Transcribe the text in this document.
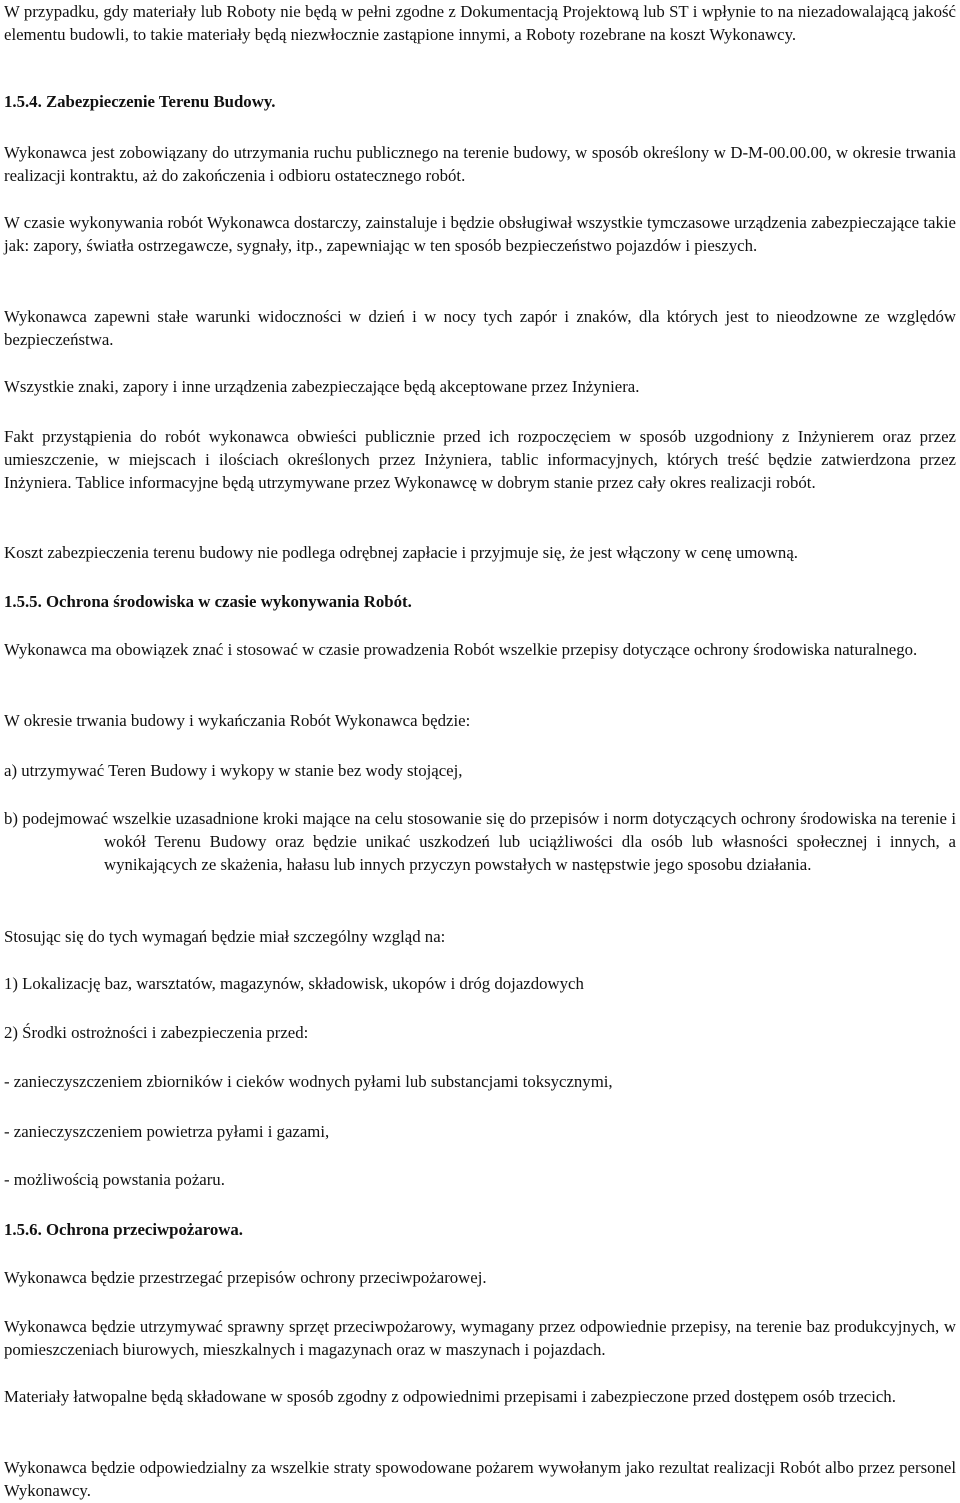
W przypadku, gdy materiały lub Roboty nie będą w pełni zgodne z Dokumentacją Projektową lub ST i wpłynie to na niezadowalającą jakość elementu budowli, to takie materiały będą niezwłocznie zastąpione innymi, a Roboty rozebrane na koszt Wykonawcy.

1.5.4. Zabezpieczenie Terenu Budowy.

Wykonawca jest zobowiązany do utrzymania ruchu publicznego na terenie budowy, w sposób określony w D-M-00.00.00, w okresie trwania realizacji kontraktu, aż do zakończenia i odbioru ostatecznego robót.

W czasie wykonywania robót Wykonawca dostarczy, zainstaluje i będzie obsługiwał wszystkie tymczasowe urządzenia zabezpieczające takie jak: zapory, światła ostrzegawcze, sygnały, itp., zapewniając w ten sposób bezpieczeństwo pojazdów i pieszych.

Wykonawca zapewni stałe warunki widoczności w dzień i w nocy tych zapór i znaków, dla których jest to nieodzowne ze względów bezpieczeństwa.

Wszystkie znaki, zapory i inne urządzenia zabezpieczające będą akceptowane przez Inżyniera.

Fakt przystąpienia do robót wykonawca obwieści publicznie przed ich rozpoczęciem w sposób uzgodniony z Inżynierem oraz przez umieszczenie, w miejscach i ilościach określonych przez Inżyniera, tablic informacyjnych, których treść będzie zatwierdzona przez Inżyniera. Tablice informacyjne będą utrzymywane przez Wykonawcę w dobrym stanie przez cały okres realizacji robót.

Koszt zabezpieczenia terenu budowy nie podlega odrębnej zapłacie i przyjmuje się, że jest włączony w cenę umowną.

1.5.5. Ochrona środowiska w czasie wykonywania Robót.

Wykonawca ma obowiązek znać i stosować w czasie prowadzenia Robót wszelkie przepisy dotyczące ochrony środowiska naturalnego.

W okresie trwania budowy i wykańczania Robót Wykonawca będzie:

a) utrzymywać Teren Budowy i wykopy w stanie bez wody stojącej,

b) podejmować wszelkie uzasadnione kroki mające na celu stosowanie się do przepisów i norm dotyczących ochrony środowiska na terenie i wokół Terenu Budowy oraz będzie unikać uszkodzeń lub uciążliwości dla osób lub własności społecznej i innych, a wynikających ze skażenia, hałasu lub innych przyczyn powstałych w następstwie jego sposobu działania.

Stosując się do tych wymagań będzie miał szczególny wzgląd na:

1) Lokalizację baz, warsztatów, magazynów, składowisk, ukopów i dróg dojazdowych

2) Środki ostrożności i zabezpieczenia przed:

- zanieczyszczeniem zbiorników i cieków wodnych pyłami lub substancjami toksycznymi,

- zanieczyszczeniem powietrza pyłami i gazami,

- możliwością powstania pożaru.

1.5.6. Ochrona przeciwpożarowa.

Wykonawca będzie przestrzegać przepisów ochrony przeciwpożarowej.

Wykonawca będzie utrzymywać sprawny sprzęt przeciwpożarowy, wymagany przez odpowiednie przepisy, na terenie baz produkcyjnych, w pomieszczeniach biurowych, mieszkalnych i magazynach oraz w maszynach i pojazdach.

Materiały łatwopalne będą składowane w sposób zgodny z odpowiednimi przepisami i zabezpieczone przed dostępem osób trzecich.

Wykonawca będzie odpowiedzialny za wszelkie straty spowodowane pożarem wywołanym jako rezultat realizacji Robót albo przez personel Wykonawcy.
